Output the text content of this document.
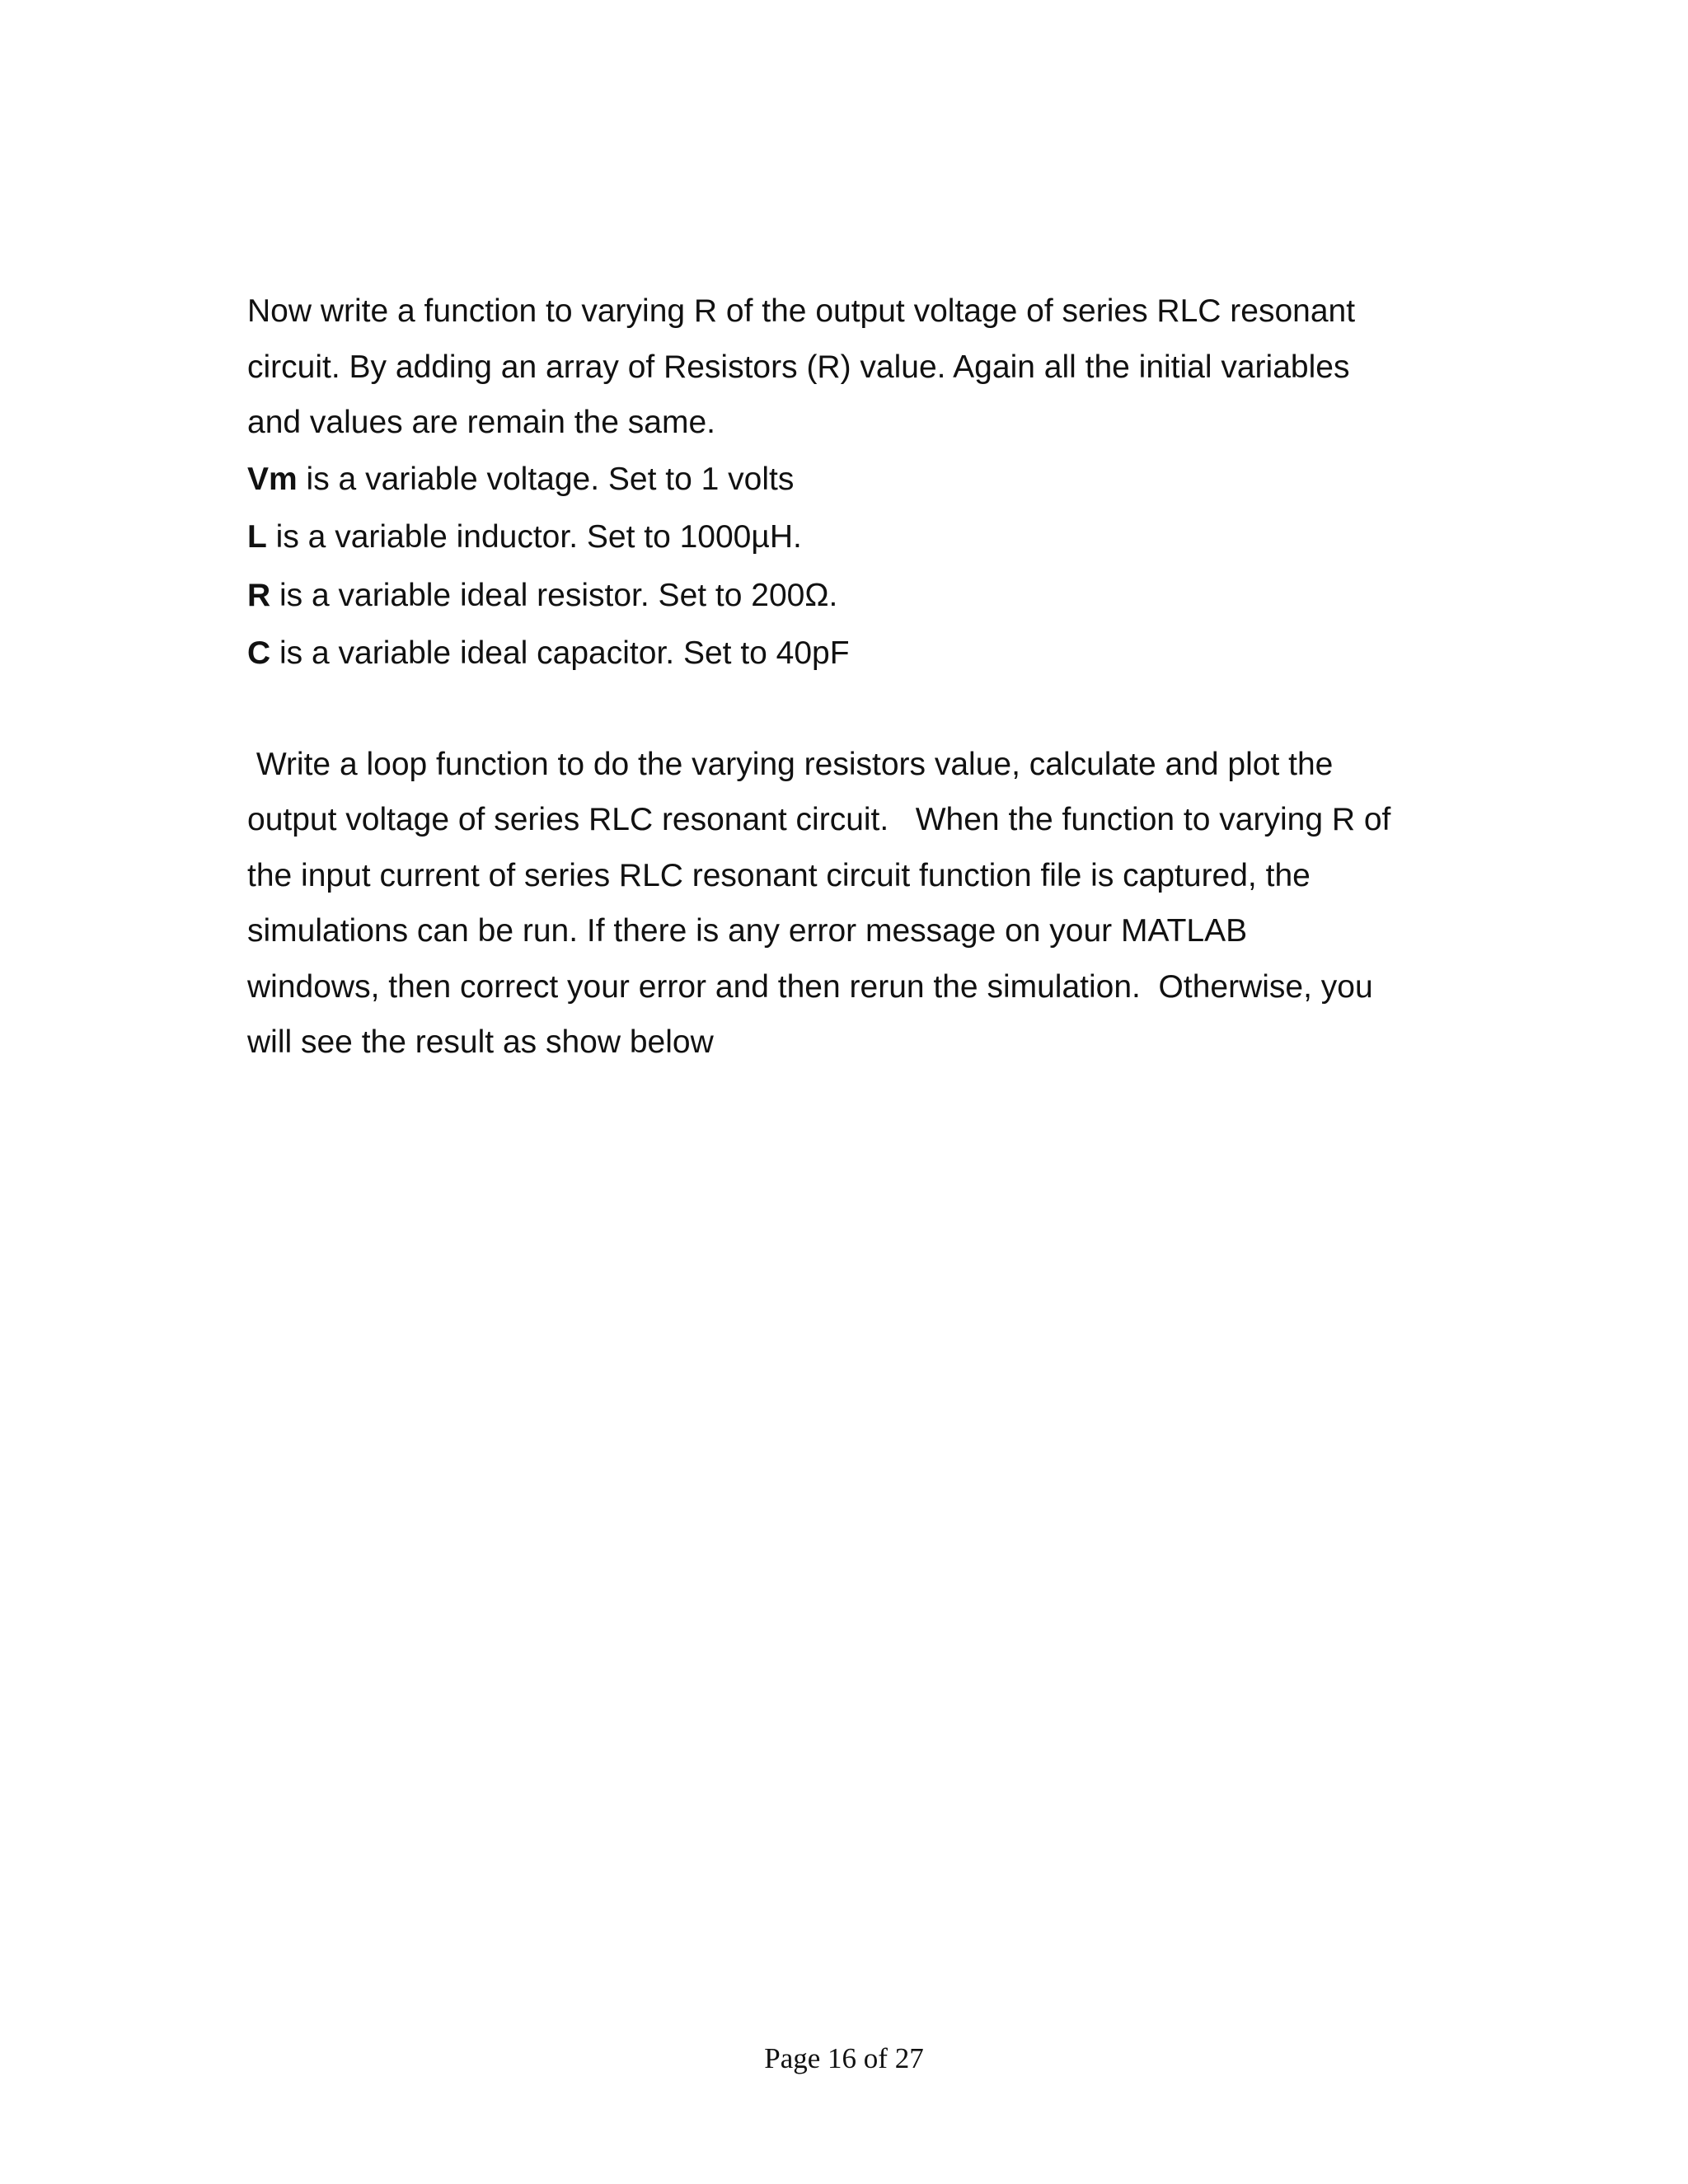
Now write a function to varying R of the output voltage of series RLC resonant

circuit. By adding an array of Resistors (R) value. Again all the initial variables

and values are remain the same.

Vm is a variable voltage. Set to 1 volts

L is a variable inductor. Set to 1000µH.

R is a variable ideal resistor. Set to 200Ω.

C is a variable ideal capacitor. Set to 40pF

Write a loop function to do the varying resistors value, calculate and plot the

output voltage of series RLC resonant circuit.   When the function to varying R of

the input current of series RLC resonant circuit function file is captured, the

simulations can be run. If there is any error message on your MATLAB

windows, then correct your error and then rerun the simulation.  Otherwise, you

will see the result as show below

Page 16 of 27
